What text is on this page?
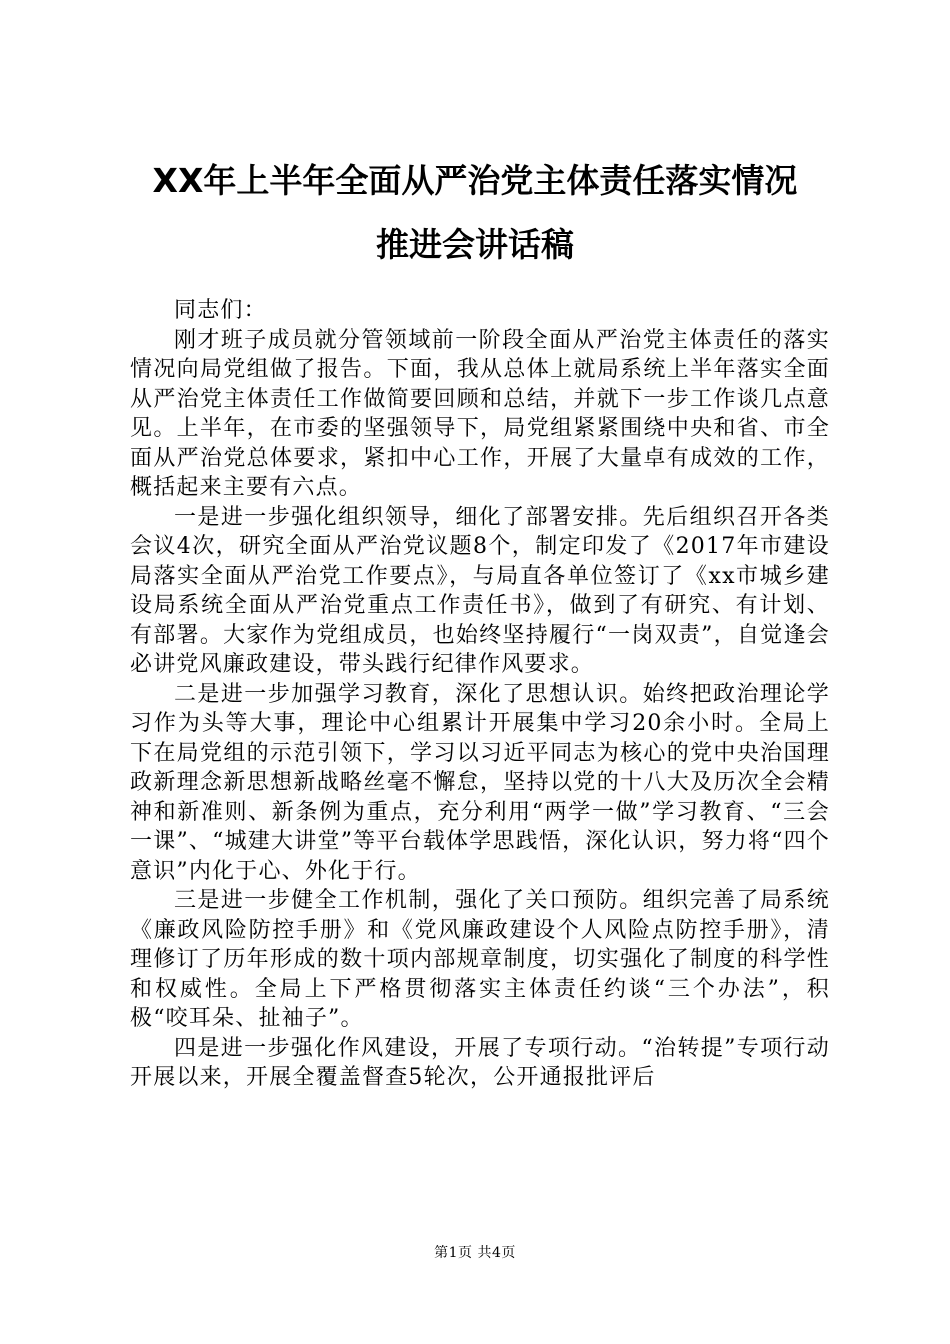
XX年上半年全面从严治党主体责任落实情况
推进会讲话稿

同志们：

刚才班子成员就分管领域前一阶段全面从严治党主体责任的落实情况向局党组做了报告。下面，我从总体上就局系统上半年落实全面从严治党主体责任工作做简要回顾和总结，并就下一步工作谈几点意见。上半年，在市委的坚强领导下，局党组紧紧围绕中央和省、市全面从严治党总体要求，紧扣中心工作，开展了大量卓有成效的工作，概括起来主要有六点。

一是进一步强化组织领导，细化了部署安排。先后组织召开各类会议4次，研究全面从严治党议题8个，制定印发了《2017年市建设局落实全面从严治党工作要点》，与局直各单位签订了《xx市城乡建设局系统全面从严治党重点工作责任书》，做到了有研究、有计划、有部署。大家作为党组成员，也始终坚持履行“一岗双责”，自觉逢会必讲党风廉政建设，带头践行纪律作风要求。

二是进一步加强学习教育，深化了思想认识。始终把政治理论学习作为头等大事，理论中心组累计开展集中学习20余小时。全局上下在局党组的示范引领下，学习以习近平同志为核心的党中央治国理政新理念新思想新战略丝毫不懈怠，坚持以党的十八大及历次全会精神和新准则、新条例为重点，充分利用“两学一做”学习教育、“三会一课”、“城建大讲堂”等平台载体学思践悟，深化认识，努力将“四个意识”内化于心、外化于行。

三是进一步健全工作机制，强化了关口预防。组织完善了局系统《廉政风险防控手册》和《党风廉政建设个人风险点防控手册》，清理修订了历年形成的数十项内部规章制度，切实强化了制度的科学性和权威性。全局上下严格贯彻落实主体责任约谈“三个办法”，积极“咬耳朵、扯袖子”。

四是进一步强化作风建设，开展了专项行动。“治转提”专项行动开展以来，开展全覆盖督查5轮次，公开通报批评后

第1页 共4页
